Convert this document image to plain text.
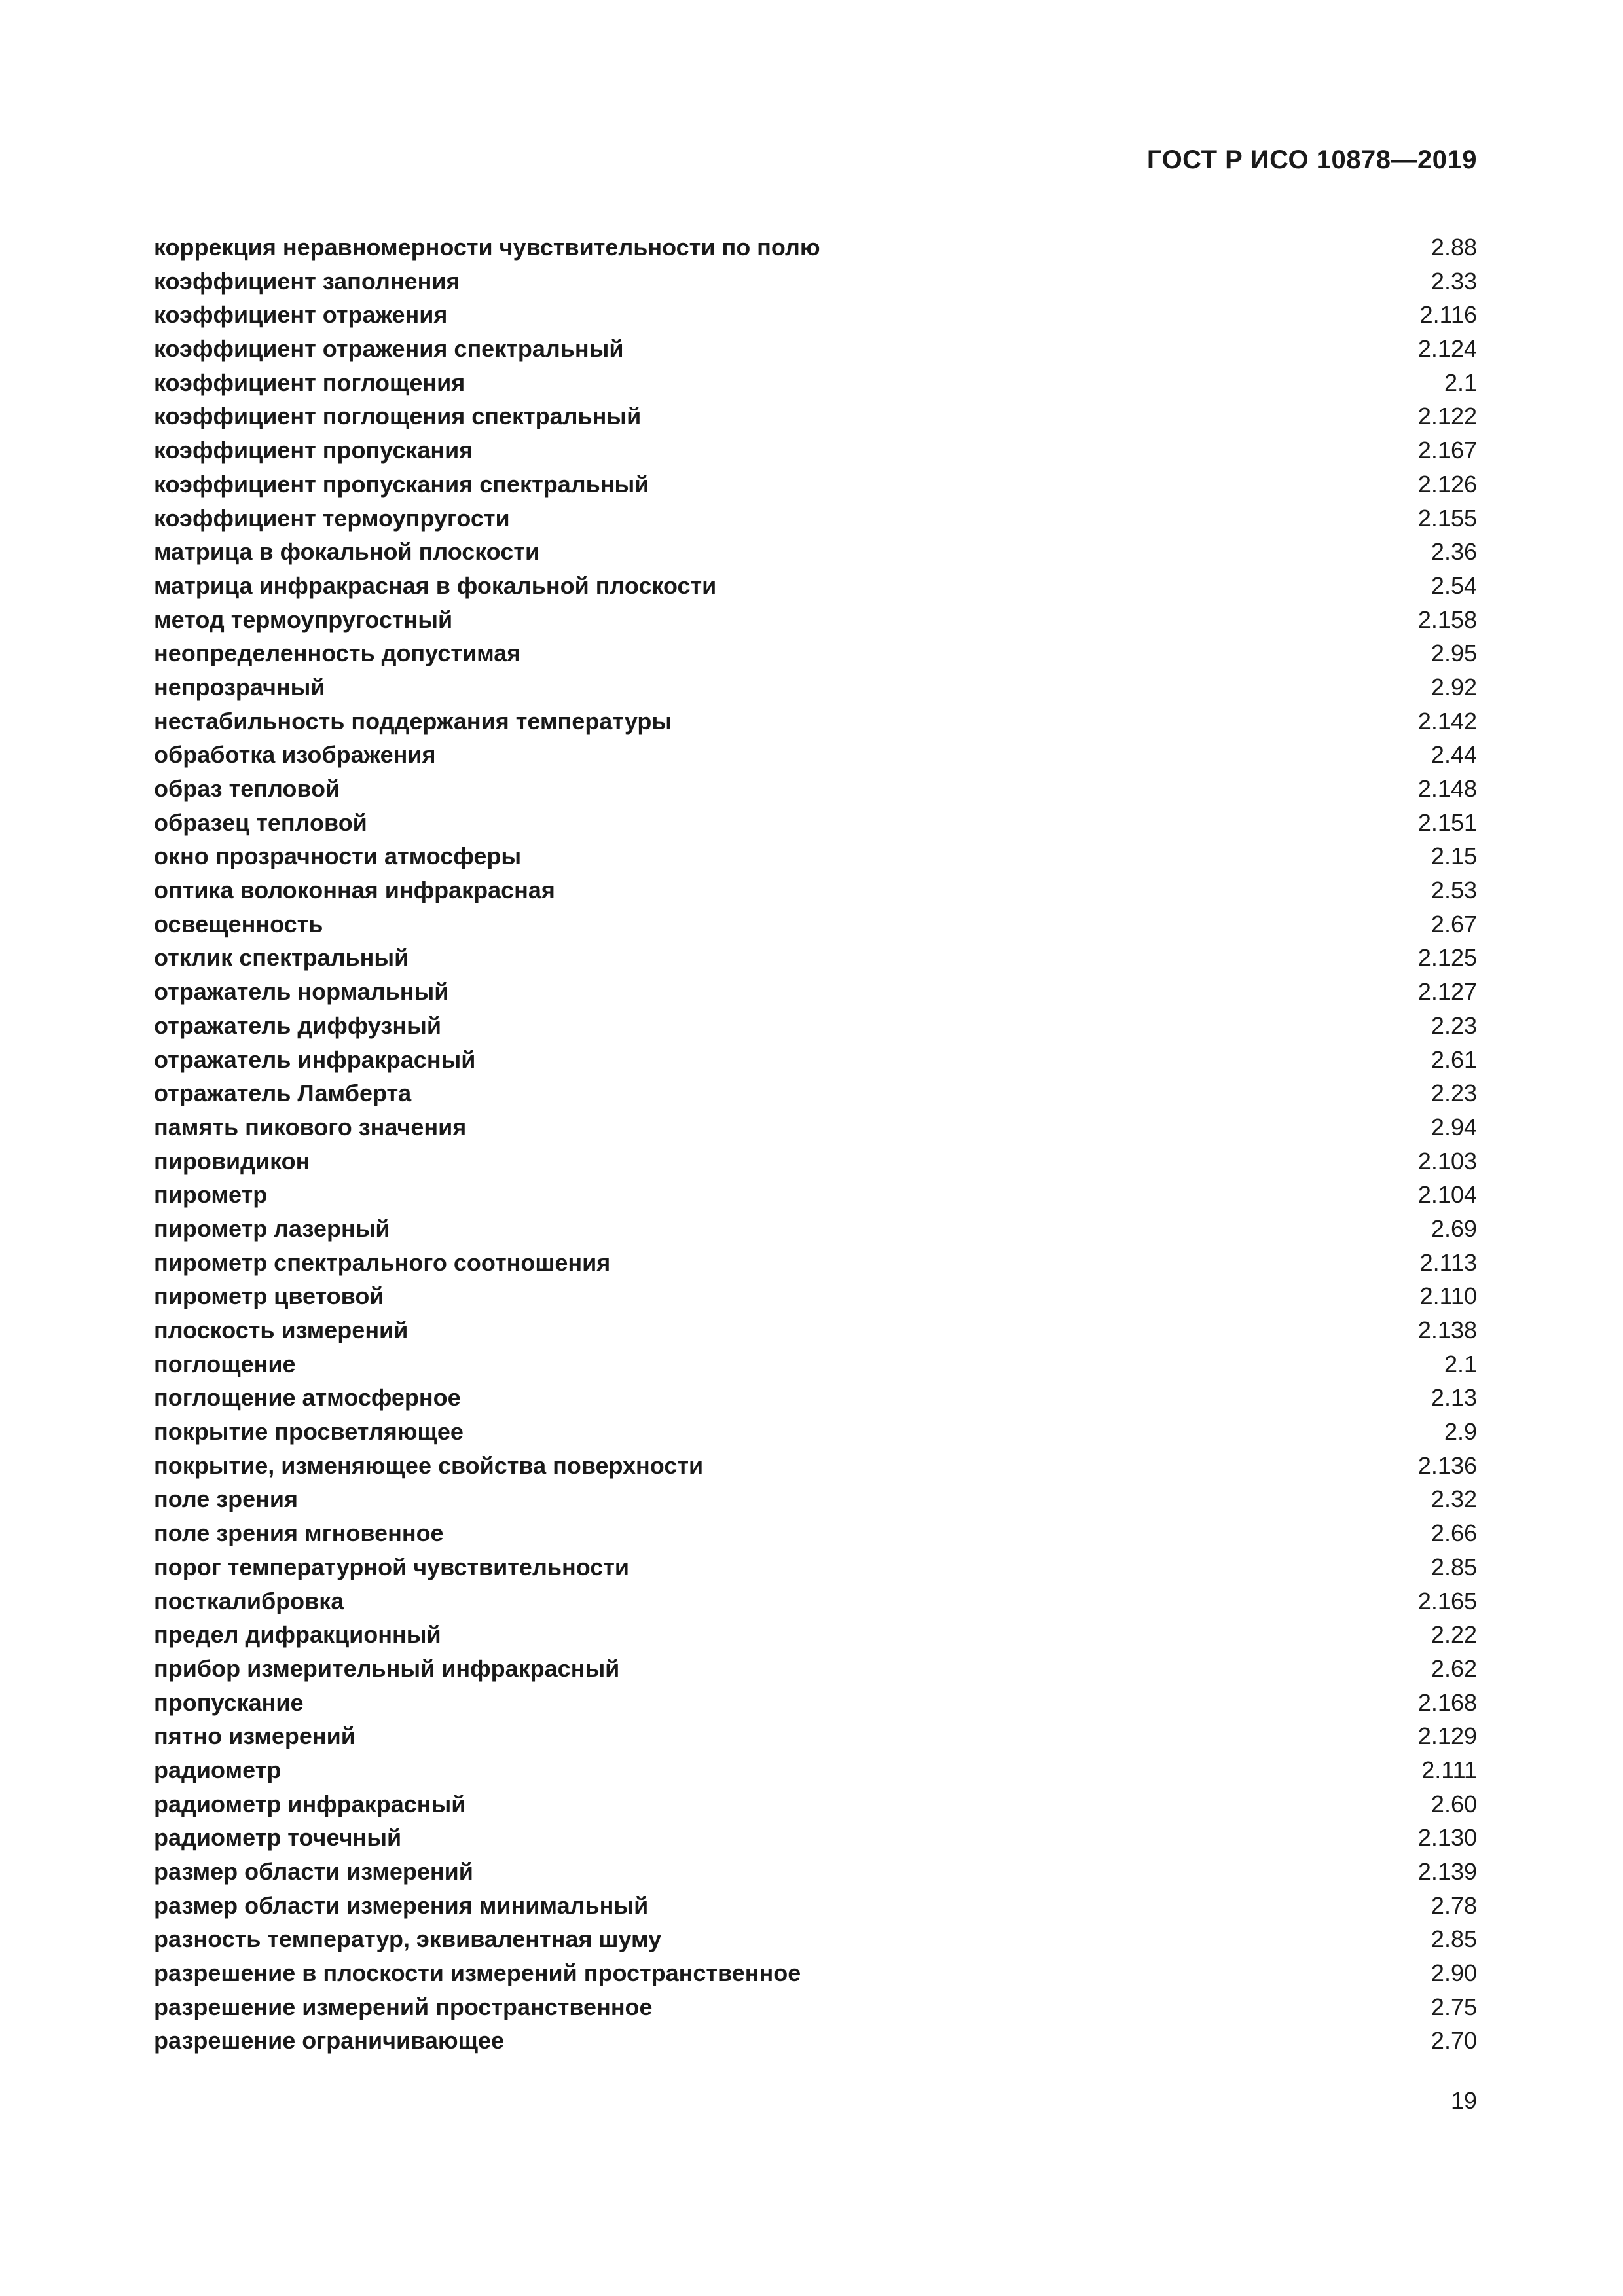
ГОСТ Р ИСО 10878—2019
коррекция неравномерности чувствительности по полю	2.88
коэффициент заполнения	2.33
коэффициент отражения	2.116
коэффициент отражения спектральный	2.124
коэффициент поглощения	2.1
коэффициент поглощения спектральный	2.122
коэффициент пропускания	2.167
коэффициент пропускания спектральный	2.126
коэффициент термоупругости	2.155
матрица в фокальной плоскости	2.36
матрица инфракрасная в фокальной плоскости	2.54
метод термоупругостный	2.158
неопределенность допустимая	2.95
непрозрачный	2.92
нестабильность поддержания температуры	2.142
обработка изображения	2.44
образ тепловой	2.148
образец тепловой	2.151
окно прозрачности атмосферы	2.15
оптика волоконная инфракрасная	2.53
освещенность	2.67
отклик спектральный	2.125
отражатель нормальный	2.127
отражатель диффузный	2.23
отражатель инфракрасный	2.61
отражатель Ламберта	2.23
память пикового значения	2.94
пировидикон	2.103
пирометр	2.104
пирометр лазерный	2.69
пирометр спектрального соотношения	2.113
пирометр цветовой	2.110
плоскость измерений	2.138
поглощение	2.1
поглощение атмосферное	2.13
покрытие просветляющее	2.9
покрытие, изменяющее свойства поверхности	2.136
поле зрения	2.32
поле зрения мгновенное	2.66
порог температурной чувствительности	2.85
посткалибровка	2.165
предел дифракционный	2.22
прибор измерительный инфракрасный	2.62
пропускание	2.168
пятно измерений	2.129
радиометр	2.111
радиометр инфракрасный	2.60
радиометр точечный	2.130
размер области измерений	2.139
размер области измерения минимальный	2.78
разность температур, эквивалентная шуму	2.85
разрешение в плоскости измерений пространственное	2.90
разрешение измерений пространственное	2.75
разрешение ограничивающее	2.70
19
